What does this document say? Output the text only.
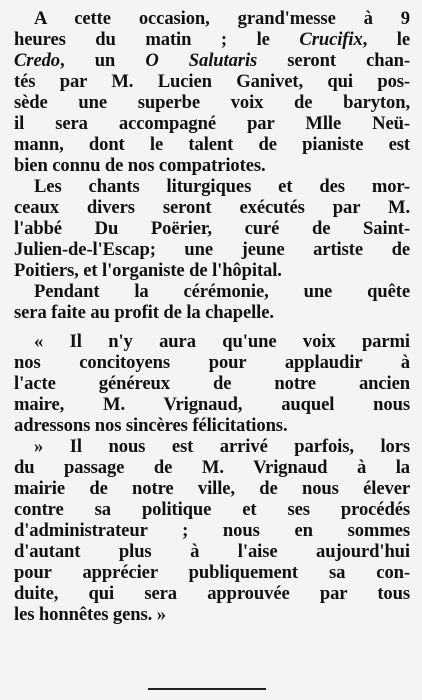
A cette occasion, grand'messe à 9
heures du matin ; le Crucifix, le
Credo, un O Salutaris seront chan-
tés par M. Lucien Ganivet, qui pos-
sède une superbe voix de baryton,
il sera accompagné par Mlle Neü-
mann, dont le talent de pianiste est
bien connu de nos compatriotes.
Les chants liturgiques et des mor-
ceaux divers seront exécutés par M.
l'abbé Du Poërier, curé de Saint-
Julien-de-l'Escap; une jeune artiste de
Poitiers, et l'organiste de l'hôpital.
Pendant la cérémonie, une quête
sera faite au profit de la chapelle.
« Il n'y aura qu'une voix parmi
nos concitoyens pour applaudir à
l'acte généreux de notre ancien
maire, M. Vrignaud, auquel nous
adressons nos sincères félicitations.
» Il nous est arrivé parfois, lors
du passage de M. Vrignaud à la
mairie de notre ville, de nous élever
contre sa politique et ses procédés
d'administrateur ; nous en sommes
d'autant plus à l'aise aujourd'hui
pour apprécier publiquement sa con-
duite, qui sera approuvée par tous
les honnêtes gens. »
